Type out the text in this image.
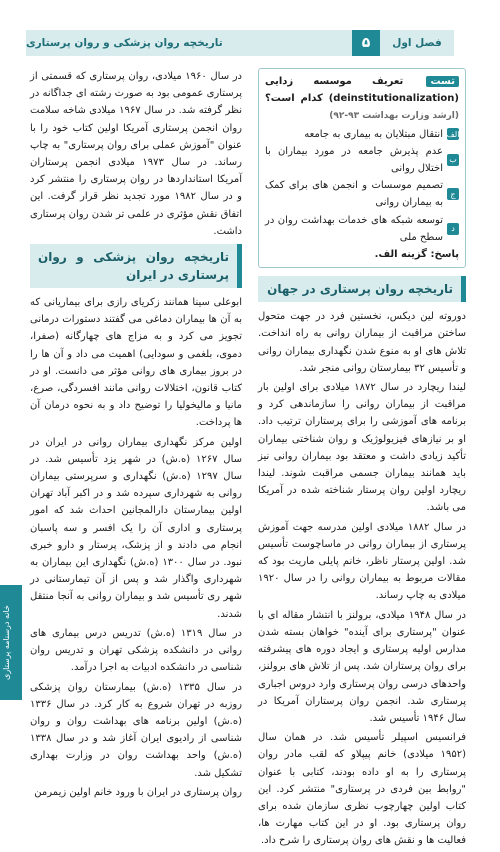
تاریخچه روان پزشکی و روان پرستاری	۵	فصل اول
خانه درسنامه پرستاری
تست تعریف موسسه زدایی (deinstitutionalization) کدام است؟ (ارشد وزارت بهداشت ۹۳-۹۲)
الف
انتقال مبتلایان به بیماری به جامعه
ب
عدم پذیرش جامعه در مورد بیماران با اختلال روانی
ج
تصمیم موسسات و انجمن های برای کمک به بیماران روانی
د
توسعه شبکه های خدمات بهداشت روان در سطح ملی
پاسخ: گزینه الف.
تاریخچه روان پرستاری در جهان

دوروته لین دیکس، نخستین فرد در جهت متحول ساختن مراقبت از بیماران روانی به راه انداخت. تلاش های او به منوع شدن نگهداری بیماران روانی و تأسیس ۳۲ بیمارستان روانی منجر شد.

لیندا ریچارد در سال ۱۸۷۲ میلادی برای اولین بار مراقبت از بیماران روانی را سازماندهی کرد و برنامه های آموزشی را برای پرستاران ترتیب داد. او بر نیازهای فیزیولوژیک و روان شناختی بیماران تأکید زیادی داشت و معتقد بود بیماران روانی نیز باید همانند بیماران جسمی مراقبت شوند. لیندا ریچارد اولین روان پرستار شناخته شده در آمریکا می باشد.

در سال ۱۸۸۲ میلادی اولین مدرسه جهت آموزش پرستاری از بیماران روانی در ماساچوست تأسیس شد. اولین پرستار ناظر، خانم پایلی ماریت بود که مقالات مربوط به بیماران روانی را در سال ۱۹۲۰ میلادی به چاپ رساند.

در سال ۱۹۴۸ میلادی، برولنز با انتشار مقاله ای با عنوان "پرستاری برای آینده" خواهان بسته شدن مدارس اولیه پرستاری و ایجاد دوره های پیشرفته برای روان پرستاران شد. پس از تلاش های برولنز، واحدهای درسی روان پرستاری وارد دروس اجباری پرستاری شد. انجمن روان پرستاران آمریکا در سال ۱۹۴۶ تأسیس شد.

فرانسیس اسپیلر تأسیس شد. در همان سال (۱۹۵۲ میلادی) خانم پیپلاو که لقب مادر روان پرستاری را به او داده بودند، کتابی با عنوان "روابط بین فردی در پرستاری" منتشر کرد. این کتاب اولین چهارچوب نظری سازمان شده برای روان پرستاری بود. او در این کتاب مهارت ها، فعالیت ها و نقش های روان پرستاری را شرح داد.

در سال ۱۹۶۰ میلادی، روان پرستاری که قسمتی از پرستاری عمومی بود به صورت رشته ای جداگانه در نظر گرفته شد. در سال ۱۹۶۷ میلادی شاخه سلامت روان انجمن پرستاری آمریکا اولین کتاب خود را با عنوان "آموزش عملی برای روان پرستاری" به چاپ رساند. در سال ۱۹۷۳ میلادی انجمن پرستاران آمریکا استانداردها در روان پرستاری را منتشر کرد و در سال ۱۹۸۲ مورد تجدید نظر قرار گرفت. این اتفاق نقش مؤثری در علمی تر شدن روان پرستاری داشت.

تاریخچه روان پزشکی و روان پرستاری در ایران

ابوعلی سینا همانند زکریای رازی برای بیماریانی که به آن ها بیماران دماغی می گفتند دستورات درمانی تجویز می کرد و به مزاج های چهارگانه (صفرا، دموی، بلغمی و سودایی) اهمیت می داد و آن ها را در بروز بیماری های روانی مؤثر می دانست. او در کتاب قانون، اختلالات روانی مانند افسردگی، صرع، مانیا و مالیخولیا را توضیح داد و به نحوه درمان آن ها پرداخت.

اولین مرکز نگهداری بیماران روانی در ایران در سال ۱۲۶۷ (ه.ش) در شهر یزد تأسیس شد. در سال ۱۲۹۷ (ه.ش) نگهداری و سرپرستی بیماران روانی به شهرداری سپرده شد و در اکبر آباد تهران اولین بیمارستان دارالمجانین احداث شد که امور پرستاری و اداری آن را یک افسر و سه پاسبان انجام می دادند و از پزشک، پرستار و دارو خبری نبود. در سال ۱۳۰۰ (ه.ش) نگهداری این بیماران به شهرداری واگذار شد و پس از آن تیمارستانی در شهر ری تأسیس شد و بیماران روانی به آنجا منتقل شدند.

در سال ۱۳۱۹ (ه.ش) تدریس درس بیماری های روانی در دانشکده پزشکی تهران و تدریس روان شناسی در دانشکده ادبیات به اجرا درآمد.

در سال ۱۳۳۵ (ه.ش) بیمارستان روان پزشکی روزبه در تهران شروع به کار کرد. در سال ۱۳۳۶ (ه.ش) اولین برنامه های بهداشت روان و روان شناسی از رادیوی ایران آغاز شد و در سال ۱۳۳۸ (ه.ش) واحد بهداشت روان در وزارت بهداری تشکیل شد.

روان پرستاری در ایران با ورود خانم اولین زیمرمن
